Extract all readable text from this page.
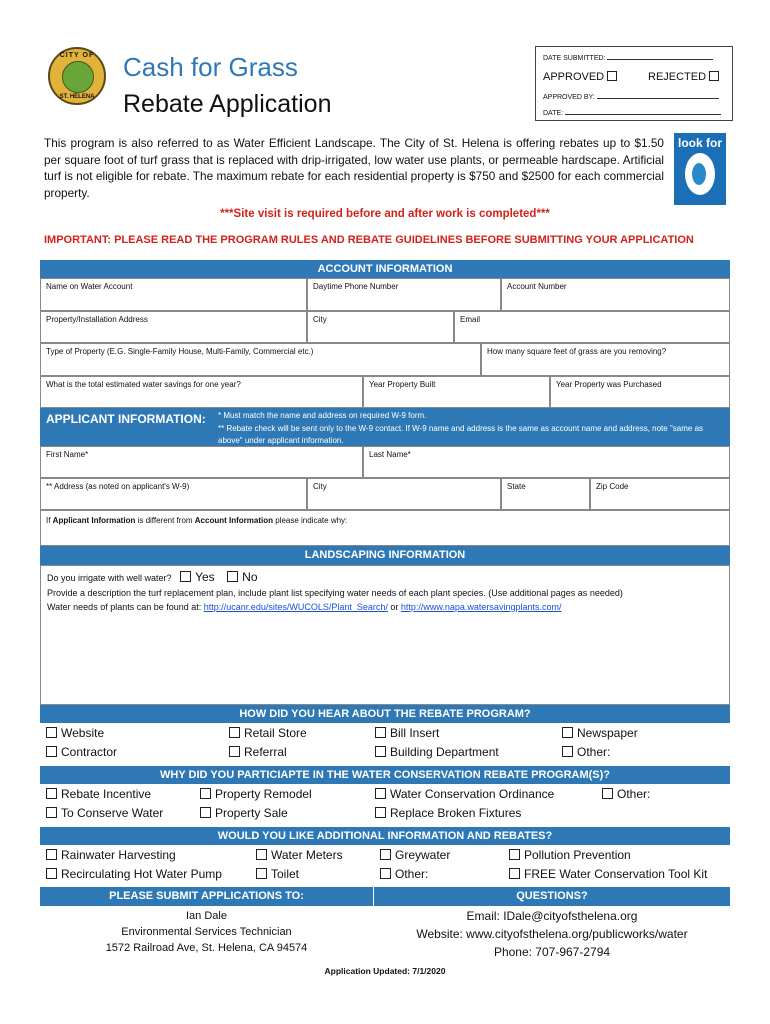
CITY OF
ST. HELENA
Cash for Grass
Rebate Application
DATE SUBMITTED:
APPROVED	REJECTED
APPROVED BY:
DATE:
look for
This program is also referred to as Water Efficient Landscape. The City of St. Helena is offering rebates up to $1.50 per square foot of turf grass that is replaced with drip-irrigated, low water use plants, or permeable hardscape. Artificial turf is not eligible for rebate. The maximum rebate for each residential property is $750 and $2500 for each commercial property.
***Site visit is required before and after work is completed***
IMPORTANT: PLEASE READ THE PROGRAM RULES AND REBATE GUIDELINES BEFORE SUBMITTING YOUR APPLICATION
ACCOUNT INFORMATION
Name on Water Account	Daytime Phone Number	Account Number
Property/Installation Address	City	Email
Type of Property (E.G. Single-Family House, Multi-Family, Commercial etc.)	How many square feet of grass are you removing?
What is the total estimated water savings for one year?	Year Property Built	Year Property was Purchased
APPLICANT INFORMATION: * Must match the name and address on required W-9 form.
** Rebate check will be sent only to the W-9 contact. If W-9 name and address is the same as account name and address, note "same as above" under applicant information.
First Name*	Last Name*
** Address (as noted on applicant's W-9)	City	State	Zip Code
If Applicant Information is different from Account Information please indicate why:
LANDSCAPING INFORMATION
Do you irrigate with well water? Yes No
Provide a description the turf replacement plan, include plant list specifying water needs of each plant species. (Use additional pages as needed)
Water needs of plants can be found at: http://ucanr.edu/sites/WUCOLS/Plant_Search/ or http://www.napa.watersavingplants.com/
HOW DID YOU HEAR ABOUT THE REBATE PROGRAM?
Website	Retail Store	Bill Insert	Newspaper
Contractor	Referral	Building Department	Other:
WHY DID YOU PARTICIAPTE IN THE WATER CONSERVATION REBATE PROGRAM(S)?
Rebate Incentive	Property Remodel	Water Conservation Ordinance	Other:
To Conserve Water	Property Sale	Replace Broken Fixtures
WOULD YOU LIKE ADDITIONAL INFORMATION AND REBATES?
Rainwater Harvesting	Water Meters	Greywater	Pollution Prevention
Recirculating Hot Water Pump	Toilet	Other:	FREE Water Conservation Tool Kit
PLEASE SUBMIT APPLICATIONS TO:	QUESTIONS?
Ian Dale
Environmental Services Technician
1572 Railroad Ave, St. Helena, CA 94574
Email: IDale@cityofsthelena.org
Website: www.cityofsthelena.org/publicworks/water
Phone: 707-967-2794
Application Updated: 7/1/2020
